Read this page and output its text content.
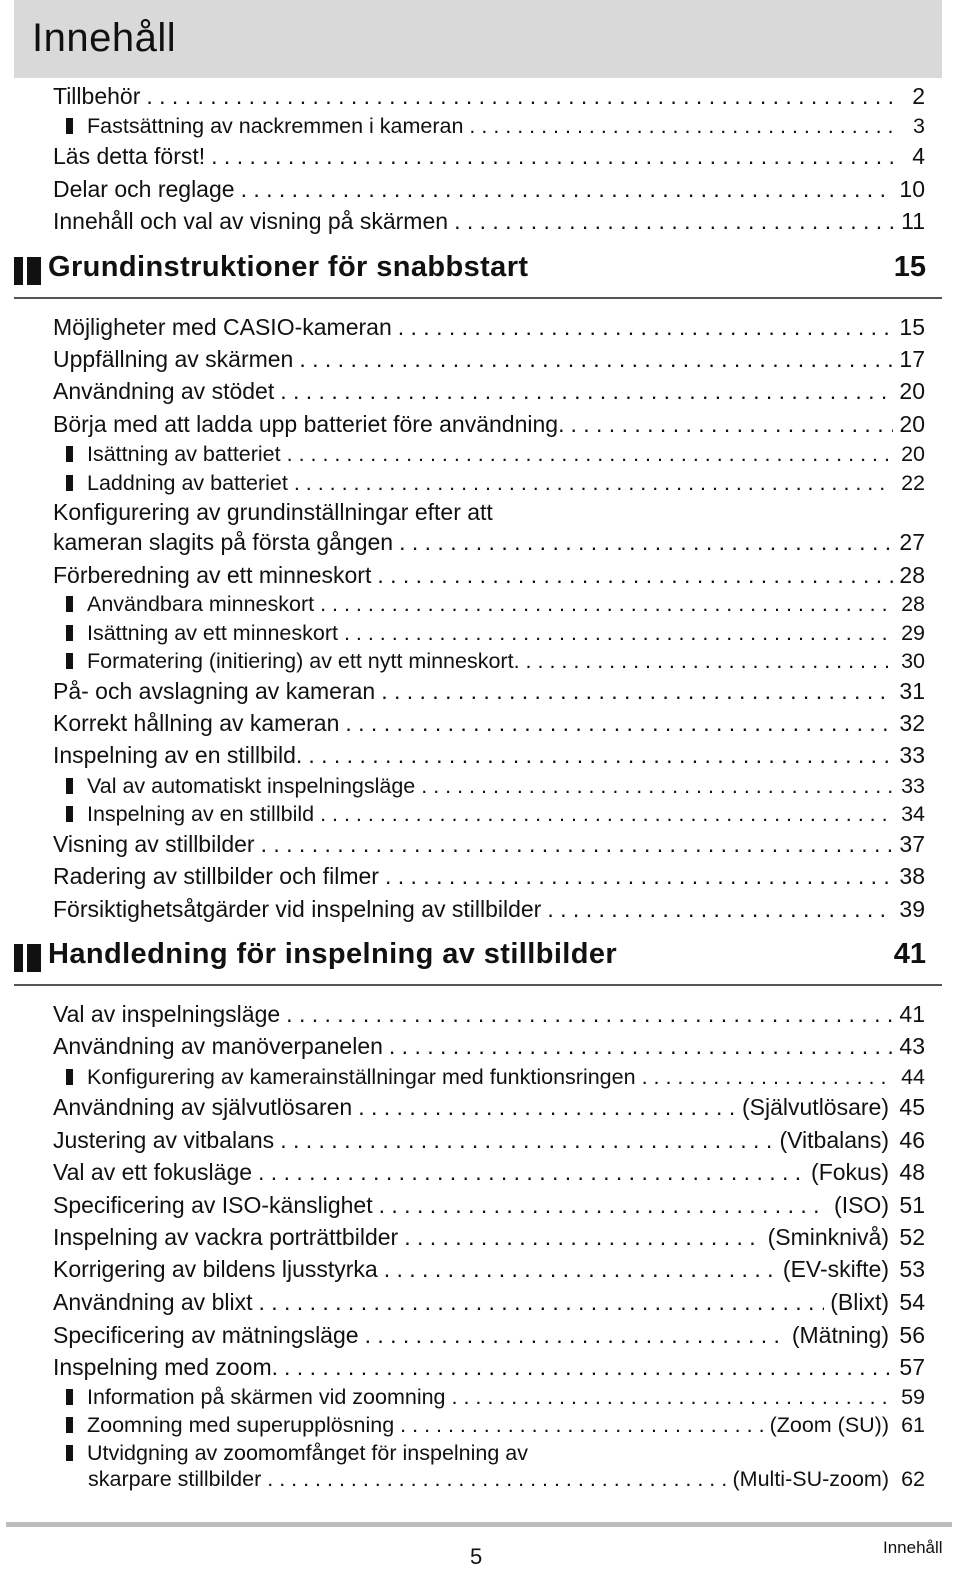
Innehåll
Tillbehör . . .	2
Fastsättning av nackremmen i kameran . . .	3
Läs detta först! . . .	4
Delar och reglage . . .	10
Innehåll och val av visning på skärmen . . .	11
Grundinstruktioner för snabbstart	15
Möjligheter med CASIO-kameran . . .	15
Uppfällning av skärmen . . .	17
Användning av stödet . . .	20
Börja med att ladda upp batteriet före användning. . . .	20
Isättning av batteriet . . .	20
Laddning av batteriet . . .	22
Konfigurering av grundinställningar efter att
kameran slagits på första gången . . .	27
Förberedning av ett minneskort . . .	28
Användbara minneskort . . .	28
Isättning av ett minneskort . . .	29
Formatering (initiering) av ett nytt minneskort. . . .	30
På- och avslagning av kameran . . .	31
Korrekt hållning av kameran . . .	32
Inspelning av en stillbild. . . .	33
Val av automatiskt inspelningsläge . . .	33
Inspelning av en stillbild . . .	34
Visning av stillbilder . . .	37
Radering av stillbilder och filmer . . .	38
Försiktighetsåtgärder vid inspelning av stillbilder . . .	39
Handledning för inspelning av stillbilder	41
Val av inspelningsläge . . .	41
Användning av manöverpanelen . . .	43
Konfigurering av kamerainställningar med funktionsringen . . .	44
Användning av självutlösaren . . .	(Självutlösare) 45
Justering av vitbalans . . .	(Vitbalans) 46
Val av ett fokusläge . . .	(Fokus) 48
Specificering av ISO-känslighet . . .	(ISO) 51
Inspelning av vackra porträttbilder . . .	(Sminknivå) 52
Korrigering av bildens ljusstyrka . . .	(EV-skifte) 53
Användning av blixt . . .	(Blixt) 54
Specificering av mätningsläge . . .	(Mätning) 56
Inspelning med zoom. . . .	57
Information på skärmen vid zoomning . . .	59
Zoomning med superupplösning . . .	(Zoom (SU)) 61
Utvidgning av zoomomfånget för inspelning av
skarpare stillbilder . . .	(Multi-SU-zoom) 62
5	Innehåll
